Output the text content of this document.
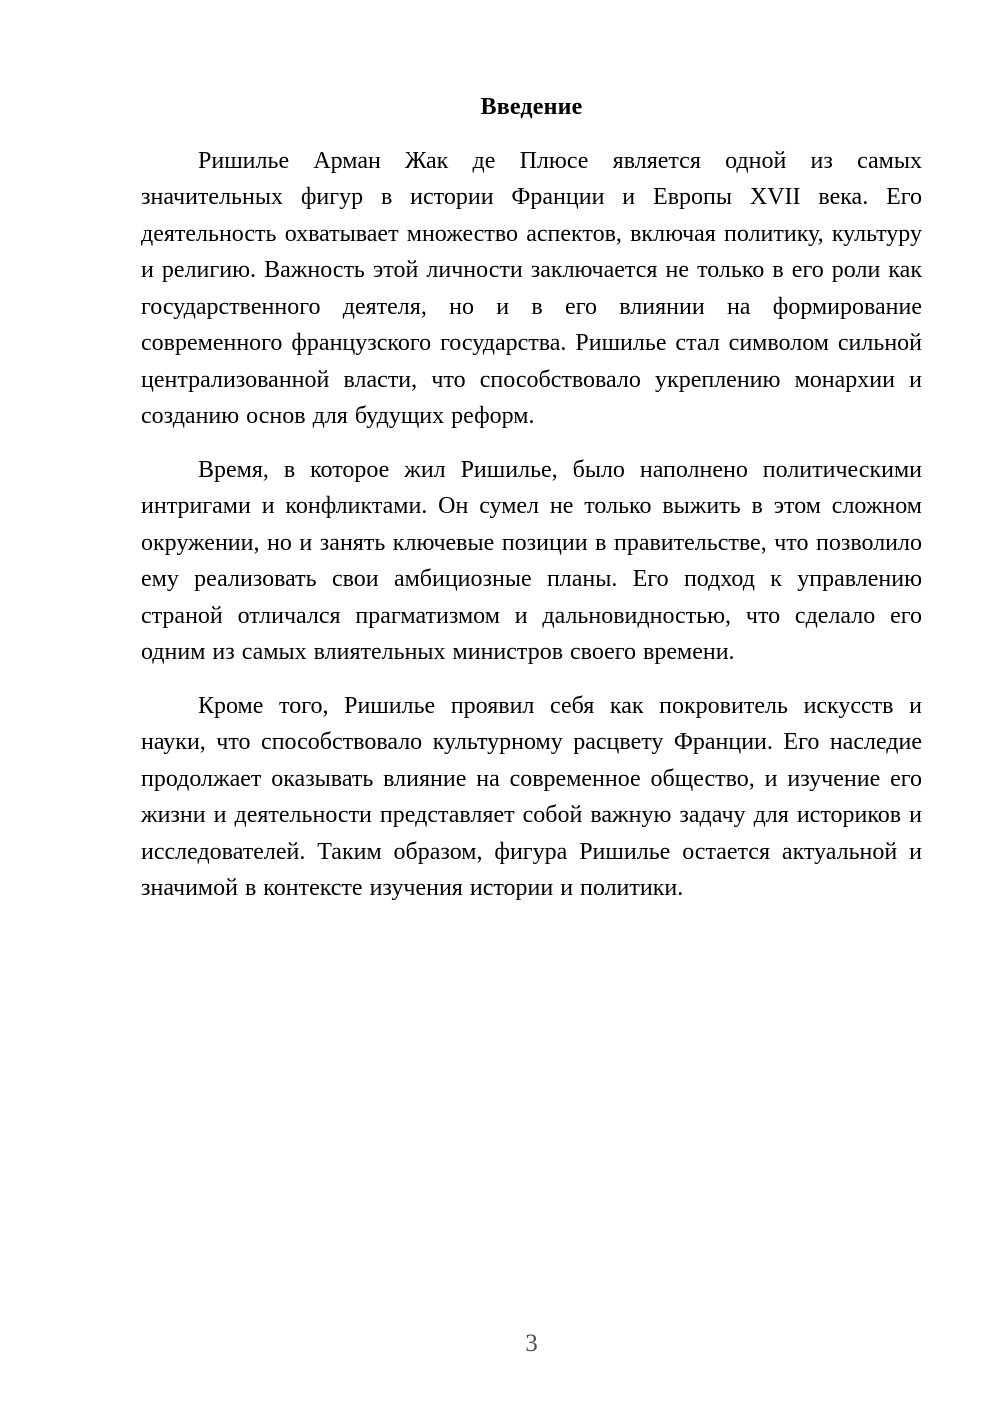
Введение

Ришилье Арман Жак де Плюсе является одной из самых значительных фигур в истории Франции и Европы XVII века. Его деятельность охватывает множество аспектов, включая политику, культуру и религию. Важность этой личности заключается не только в его роли как государственного деятеля, но и в его влиянии на формирование современного французского государства. Ришилье стал символом сильной централизованной власти, что способствовало укреплению монархии и созданию основ для будущих реформ.

Время, в которое жил Ришилье, было наполнено политическими интригами и конфликтами. Он сумел не только выжить в этом сложном окружении, но и занять ключевые позиции в правительстве, что позволило ему реализовать свои амбициозные планы. Его подход к управлению страной отличался прагматизмом и дальновидностью, что сделало его одним из самых влиятельных министров своего времени.

Кроме того, Ришилье проявил себя как покровитель искусств и науки, что способствовало культурному расцвету Франции. Его наследие продолжает оказывать влияние на современное общество, и изучение его жизни и деятельности представляет собой важную задачу для историков и исследователей. Таким образом, фигура Ришилье остается актуальной и значимой в контексте изучения истории и политики.

3
